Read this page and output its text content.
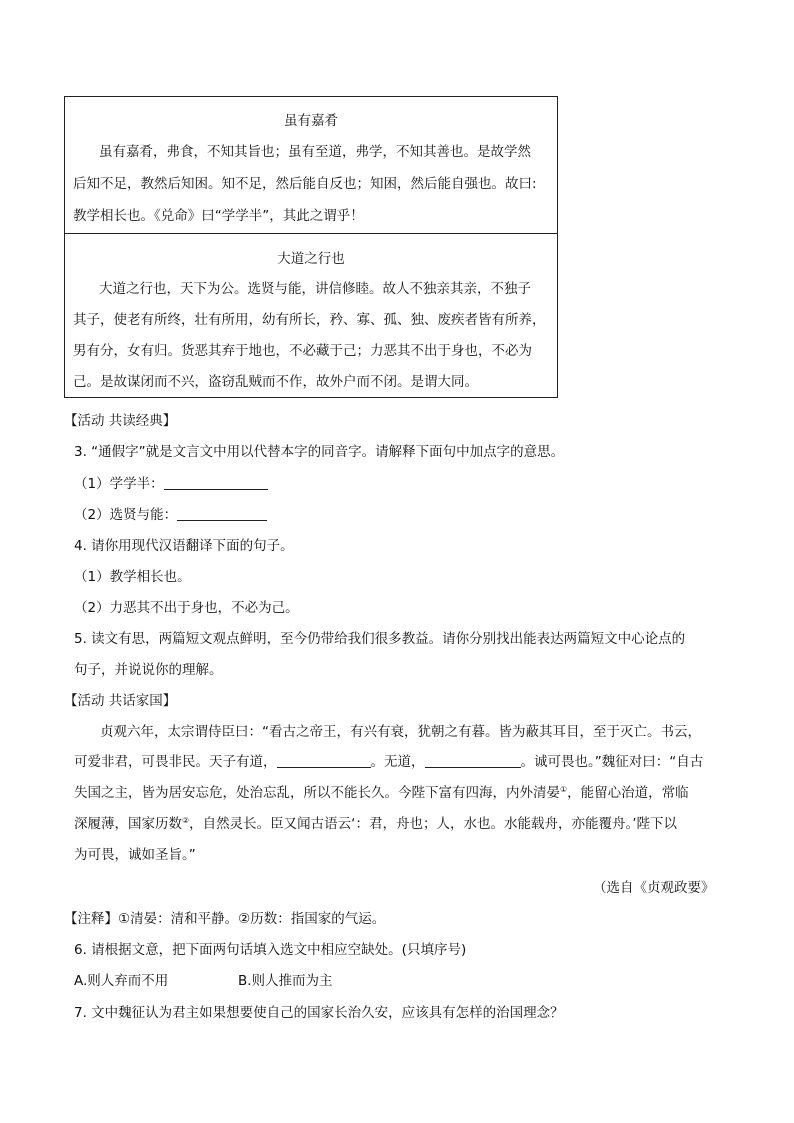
虽有嘉肴
虽有嘉肴，弗食，不知其旨也；虽有至道，弗学，不知其善也。是故学然
后知不足，教然后知困。知不足，然后能自反也；知困，然后能自强也。故曰:
教学相长也。《兑命》曰“学学半”，其此之谓乎！
大道之行也
大道之行也，天下为公。选贤与能，讲信修睦。故人不独亲其亲，不独子
其子，使老有所终，壮有所用，幼有所长，矜、寡、孤、独、废疾者皆有所养，
男有分，女有归。货恶其弃于地也，不必藏于己；力恶其不出于身也，不必为
己。是故谋闭而不兴，盗窃乱贼而不作，故外户而不闭。是谓大同。
【活动 共读经典】
3. “通假字”就是文言文中用以代替本字的同音字。请解释下面句中加点字的意思。
（1）学学半：
（2）选贤与能：
4. 请你用现代汉语翻译下面的句子。
（1）教学相长也。
（2）力恶其不出于身也，不必为己。
5. 读文有思，两篇短文观点鲜明，至今仍带给我们很多教益。请你分别找出能表达两篇短文中心论点的
句子，并说说你的理解。
【活动 共话家国】
贞观六年，太宗谓侍臣曰：“看古之帝王，有兴有衰，犹朝之有暮。皆为蔽其耳目，至于灭亡。书云，
可爱非君，可畏非民。天子有道，	。无道，	。诚可畏也。”魏征对曰：“自古
失国之主，皆为居安忘危，处治忘乱，所以不能长久。今陛下富有四海，内外清晏①，能留心治道，常临
深履薄，国家历数②，自然灵长。臣又闻古语云‘：君，舟也；人，水也。水能载舟，亦能覆舟。’陛下以
为可畏，诚如圣旨。”
（选自《贞观政要》
【注释】①清晏：清和平静。②历数：指国家的气运。
6. 请根据文意，把下面两句话填入选文中相应空缺处。(只填序号)
A.则人弃而不用	B.则人推而为主
7. 文中魏征认为君主如果想要使自己的国家长治久安，应该具有怎样的治国理念？
